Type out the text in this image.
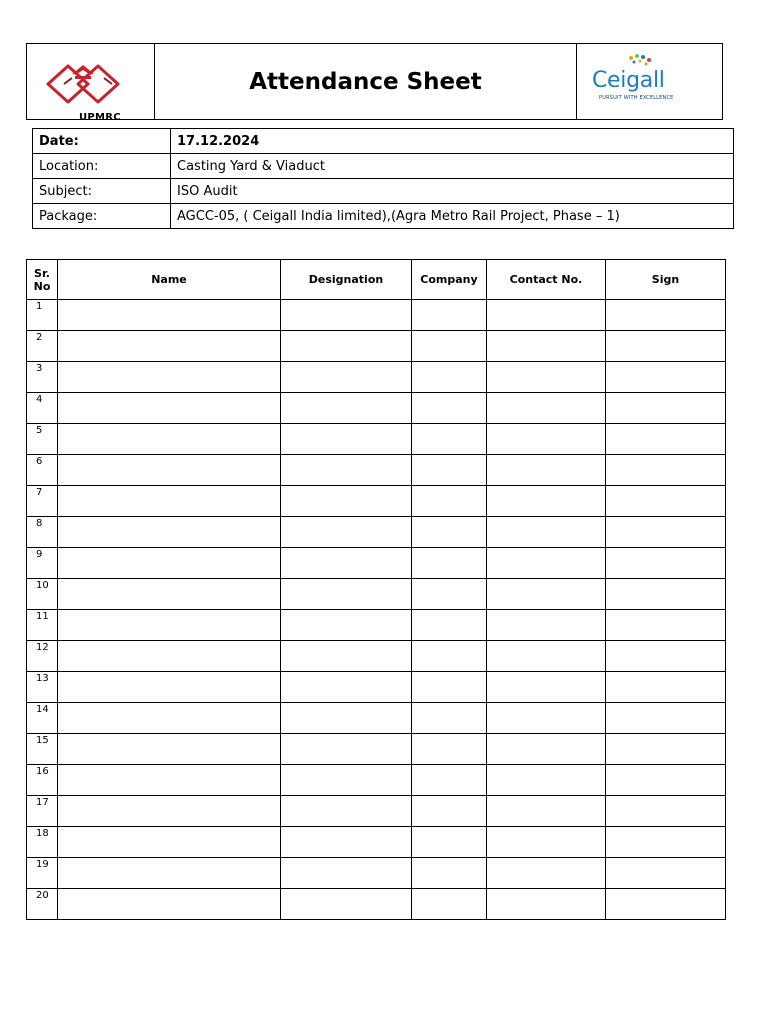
UPMRC
Attendance Sheet	Ceigall
PURSUIT WITH EXCELLENCE
Date:	17.12.2024
Location:	Casting Yard & Viaduct
Subject:	ISO Audit
Package:	AGCC-05, ( Ceigall India limited),(Agra Metro Rail Project, Phase – 1)
Sr. No	Name	Designation	Company	Contact No.	Sign
1					
2					
3					
4					
5					
6					
7					
8					
9					
10					
11					
12					
13					
14					
15					
16					
17					
18					
19					
20					
